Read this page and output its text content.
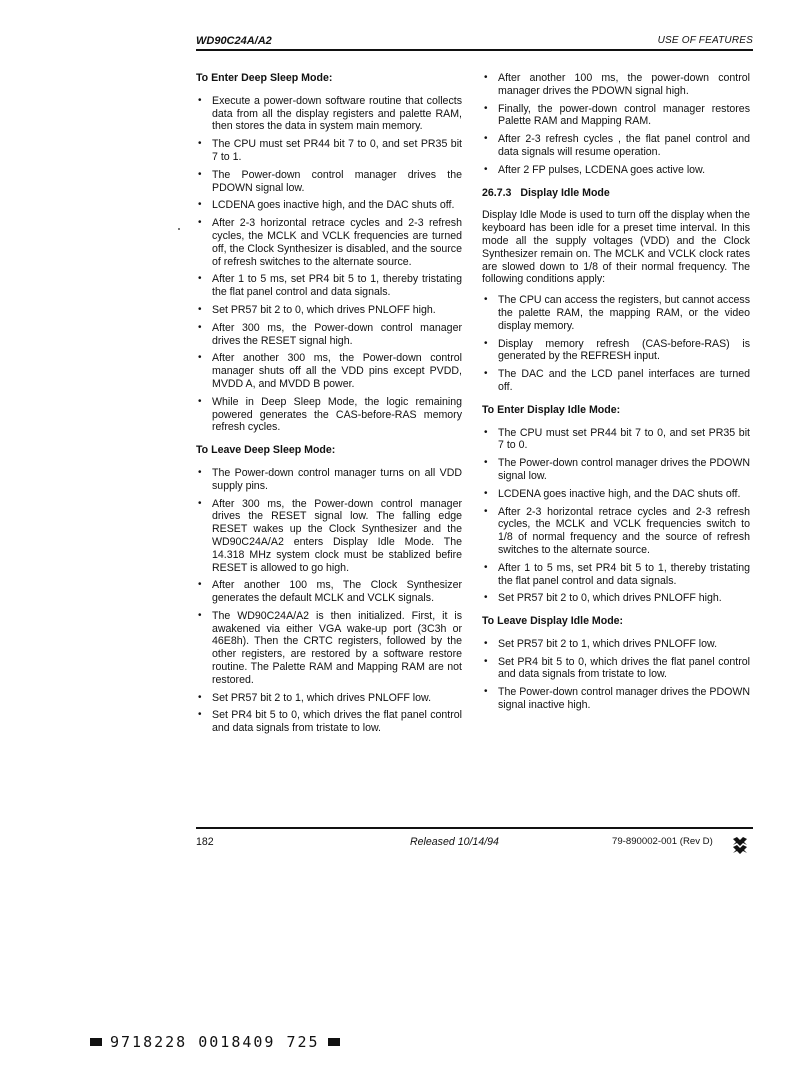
WD90C24A/A2	USE OF FEATURES
To Enter Deep Sleep Mode:
• Execute a power-down software routine that collects data from all the display registers and palette RAM, then stores the data in system main memory.
• The CPU must set PR44 bit 7 to 0, and set PR35 bit 7 to 1.
• The Power-down control manager drives the PDOWN signal low.
• LCDENA goes inactive high, and the DAC shuts off.
• After 2-3 horizontal retrace cycles and 2-3 refresh cycles, the MCLK and VCLK frequencies are turned off, the Clock Synthesizer is disabled, and the source of refresh switches to the alternate source.
• After 1 to 5 ms, set PR4 bit 5 to 1, thereby tristating the flat panel control and data signals.
• Set PR57 bit 2 to 0, which drives PNLOFF high.
• After 300 ms, the Power-down control manager drives the RESET signal high.
• After another 300 ms, the Power-down control manager shuts off all the VDD pins except PVDD, MVDD A, and MVDD B power.
• While in Deep Sleep Mode, the logic remaining powered generates the CAS-before-RAS memory refresh cycles.
To Leave Deep Sleep Mode:
• The Power-down control manager turns on all VDD supply pins.
• After 300 ms, the Power-down control manager drives the RESET signal low. The falling edge RESET wakes up the Clock Synthesizer and the WD90C24A/A2 enters Display Idle Mode. The 14.318 MHz system clock must be stablized befire RESET is allowed to go high.
• After another 100 ms, The Clock Synthesizer generates the default MCLK and VCLK signals.
• The WD90C24A/A2 is then initialized. First, it is awakened via either VGA wake-up port (3C3h or 46E8h). Then the CRTC registers, followed by the other registers, are restored by a software restore routine. The Palette RAM and Mapping RAM are not restored.
• Set PR57 bit 2 to 1, which drives PNLOFF low.
• Set PR4 bit 5 to 0, which drives the flat panel control and data signals from tristate to low.
• After another 100 ms, the power-down control manager drives the PDOWN signal high.
• Finally, the power-down control manager restores Palette RAM and Mapping RAM.
• After 2-3 refresh cycles , the flat panel control and data signals will resume operation.
• After 2 FP pulses, LCDENA goes active low.
26.7.3 Display Idle Mode

Display Idle Mode is used to turn off the display when the keyboard has been idle for a preset time interval. In this mode all the supply voltages (VDD) and the Clock Synthesizer remain on. The MCLK and VCLK clock rates are slowed down to 1/8 of their normal frequency. The following conditions apply:

• The CPU can access the registers, but cannot access the palette RAM, the mapping RAM, or the video display memory.
• Display memory refresh (CAS-before-RAS) is generated by the REFRESH input.
• The DAC and the LCD panel interfaces are turned off.
To Enter Display Idle Mode:
• The CPU must set PR44 bit 7 to 0, and set PR35 bit 7 to 0.
• The Power-down control manager drives the PDOWN signal low.
• LCDENA goes inactive high, and the DAC shuts off.
• After 2-3 horizontal retrace cycles and 2-3 refresh cycles, the MCLK and VCLK frequencies switch to 1/8 of normal frequency and the source of refresh switches to the alternate source.
• After 1 to 5 ms, set PR4 bit 5 to 1, thereby tristating the flat panel control and data signals.
• Set PR57 bit 2 to 0, which drives PNLOFF high.
To Leave Display Idle Mode:
• Set PR57 bit 2 to 1, which drives PNLOFF low.
• Set PR4 bit 5 to 0, which drives the flat panel control and data signals from tristate to low.
• The Power-down control manager drives the PDOWN signal inactive high.
182	Released 10/14/94	79-890002-001 (Rev D)
9718228 0018409 725
